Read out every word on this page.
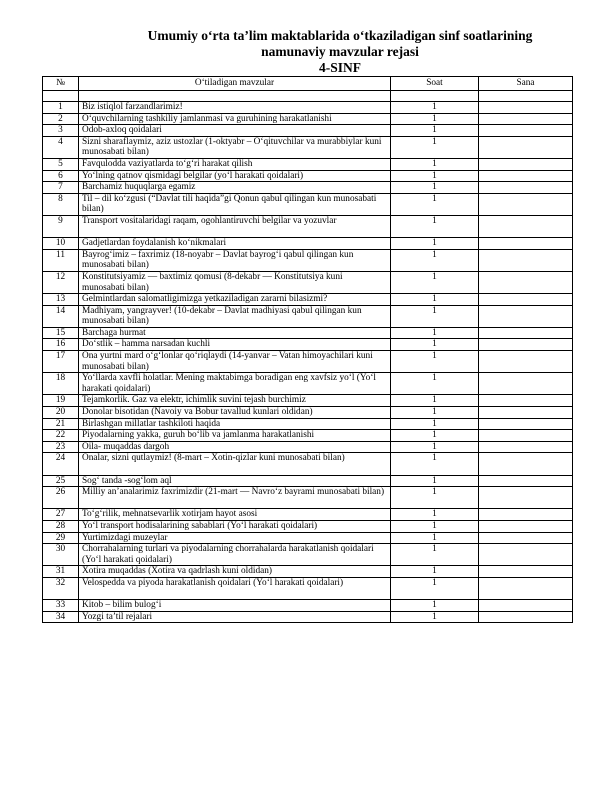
Umumiy o‘rta ta’lim maktablarida o‘tkaziladigan sinf soatlarining
namunaviy mavzular rejasi
4-SINF
№	O‘tiladigan mavzular	Soat	Sana

1	Biz istiqlol farzandlarimiz!	1	
2	O‘quvchilarning tashkiliy jamlanmasi va guruhining harakatlanishi	1	
3	Odob-axloq qoidalari	1	
4	Sizni sharaflaymiz, aziz ustozlar (1-oktyabr – O‘qituvchilar va murabbiylar kuni munosabati bilan)	1	
5	Favqulodda vaziyatlarda to‘g‘ri harakat qilish	1	
6	Yo‘lning qatnov qismidagi belgilar (yo‘l harakati qoidalari)	1	
7	Barchamiz huquqlarga egamiz	1	
8	Til – dil ko‘zgusi (“Davlat tili haqida”gi Qonun qabul qilingan kun munosabati bilan)	1	
9	Transport vositalaridagi raqam, ogohlantiruvchi belgilar va yozuvlar	1	
10	Gadjetlardan foydalanish ko‘nikmalari	1	
11	Bayrog‘imiz – faxrimiz (18-noyabr – Davlat bayrog‘i qabul qilingan kun munosabati bilan)	1	
12	Konstitutsiyamiz — baxtimiz qomusi (8-dekabr — Konstitutsiya kuni munosabati bilan)	1	
13	Gelmintlardan salomatligimizga yetkaziladigan zararni bilasizmi?	1	
14	Madhiyam, yangrayver! (10-dekabr – Davlat madhiyasi qabul qilingan kun munosabati bilan)	1	
15	Barchaga hurmat	1	
16	Do‘stlik – hamma narsadan kuchli	1	
17	Ona yurtni mard o‘g‘lonlar qo‘riqlaydi (14-yanvar – Vatan himoyachilari kuni munosabati bilan)	1	
18	Yo‘llarda xavfli holatlar. Mening maktabimga boradigan eng xavfsiz yo‘l (Yo‘l harakati qoidalari)	1	
19	Tejamkorlik. Gaz va elektr, ichimlik suvini tejash burchimiz	1	
20	Donolar bisotidan (Navoiy va Bobur tavallud kunlari oldidan)	1	
21	Birlashgan millatlar tashkiloti haqida	1	
22	Piyodalarning yakka, guruh bo‘lib va jamlanma harakatlanishi	1	
23	Oila- muqaddas dargoh	1	
24	Onalar, sizni qutlaymiz! (8-mart – Xotin-qizlar kuni munosabati bilan)	1	
25	Sog‘ tanda -sog‘lom aql	1	
26	Milliy an’analarimiz faxrimizdir (21-mart — Navro‘z bayrami munosabati bilan)	1	
27	To‘g‘rilik, mehnatsevarlik xotirjam hayot asosi	1	
28	Yo‘l transport hodisalarining sabablari (Yo‘l harakati qoidalari)	1	
29	Yurtimizdagi muzeylar	1	
30	Chorrahalarning turlari va piyodalarning chorrahalarda harakatlanish qoidalari (Yo‘l harakati qoidalari)	1	
31	Xotira muqaddas (Xotira va qadrlash kuni oldidan)	1	
32	Velospedda va piyoda harakatlanish qoidalari (Yo‘l harakati qoidalari)	1	
33	Kitob – bilim bulog‘i	1	
34	Yozgi ta’til rejalari	1	
